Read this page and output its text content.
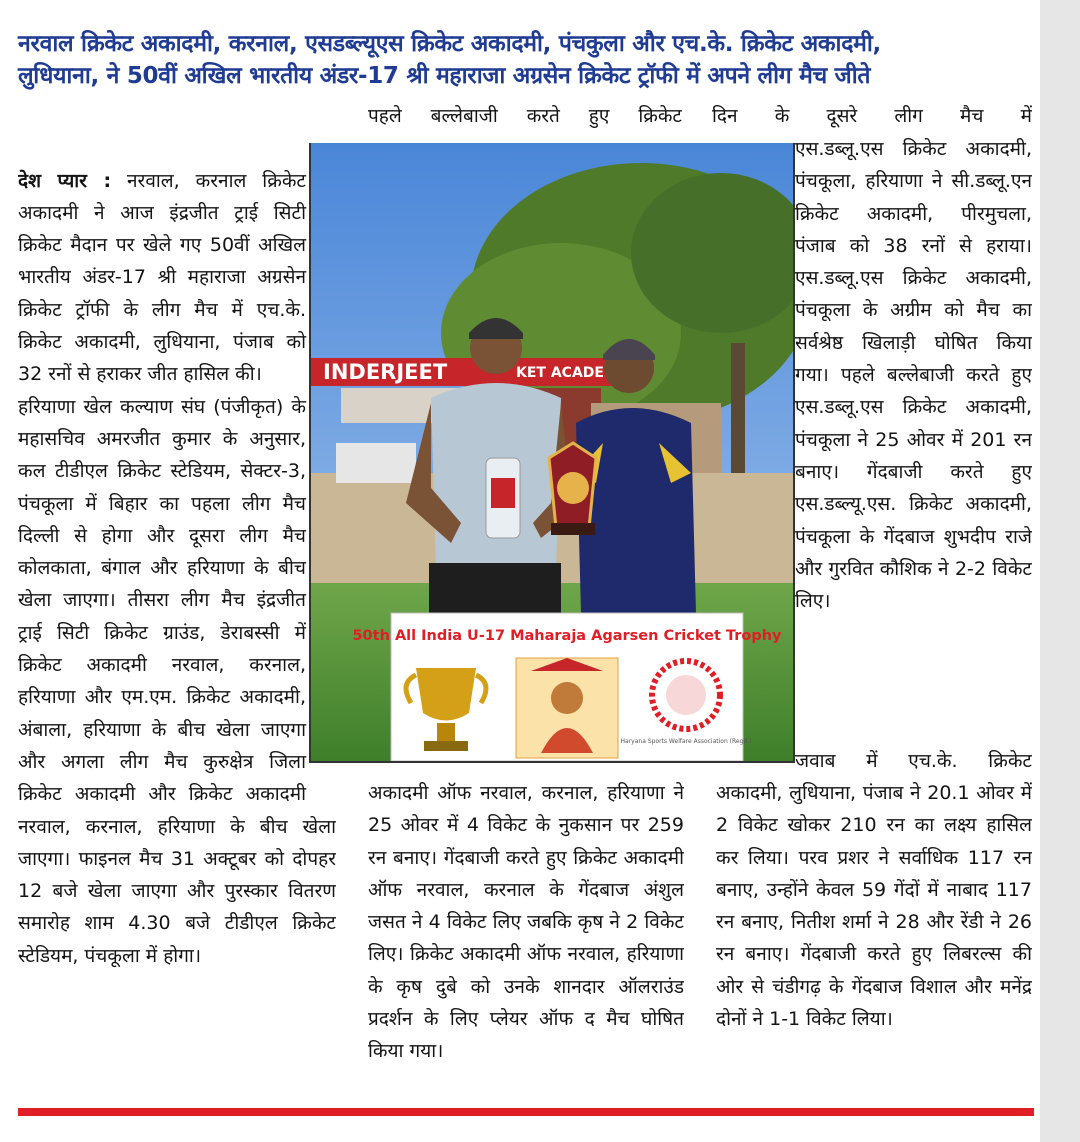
नरवाल क्रिकेट अकादमी, करनाल, एसडब्ल्यूएस क्रिकेट अकादमी, पंचकुला और एच.के. क्रिकेट अकादमी,
लुधियाना, ने 50वीं अखिल भारतीय अंडर-17 श्री महाराजा अग्रसेन क्रिकेट ट्रॉफी में अपने लीग मैच जीते

देश प्यार : नरवाल, करनाल क्रिकेट अकादमी ने आज इंद्रजीत ट्राई सिटी क्रिकेट मैदान पर खेले गए 50वीं अखिल भारतीय अंडर-17 श्री महाराजा अग्रसेन क्रिकेट ट्रॉफी के लीग मैच में एच.के. क्रिकेट अकादमी, लुधियाना, पंजाब को 32 रनों से हराकर जीत हासिल की।

हरियाणा खेल कल्याण संघ (पंजीकृत) के महासचिव अमरजीत कुमार के अनुसार, कल टीडीएल क्रिकेट स्टेडियम, सेक्टर-3, पंचकूला में बिहार का पहला लीग मैच दिल्ली से होगा और दूसरा लीग मैच कोलकाता, बंगाल और हरियाणा के बीच खेला जाएगा। तीसरा लीग मैच इंद्रजीत ट्राई सिटी क्रिकेट ग्राउंड, डेराबस्सी में क्रिकेट अकादमी नरवाल, करनाल, हरियाणा और एम.एम. क्रिकेट अकादमी, अंबाला, हरियाणा के बीच खेला जाएगा और अगला लीग मैच कुरुक्षेत्र जिला क्रिकेट अकादमी और क्रिकेट अकादमी नरवाल, करनाल, हरियाणा के बीच खेला जाएगा। फाइनल मैच 31 अक्टूबर को दोपहर 12 बजे खेला जाएगा और पुरस्कार वितरण समारोह शाम 4.30 बजे टीडीएल क्रिकेट स्टेडियम, पंचकूला में होगा।

पहले बल्लेबाजी करते हुए क्रिकेट दिन के दूसरे लीग मैच में

एस.डब्लू.एस क्रिकेट अकादमी, पंचकूला, हरियाणा ने सी.डब्लू.एन क्रिकेट अकादमी, पीरमुचला, पंजाब को 38 रनों से हराया। एस.डब्लू.एस क्रिकेट अकादमी, पंचकूला के अग्रीम को मैच का सर्वश्रेष्ठ खिलाड़ी घोषित किया गया। पहले बल्लेबाजी करते हुए एस.डब्लू.एस क्रिकेट अकादमी, पंचकूला ने 25 ओवर में 201 रन बनाए। गेंदबाजी करते हुए एस.डब्ल्यू.एस. क्रिकेट अकादमी, पंचकूला के गेंदबाज शुभदीप राजे और गुरवित कौशिक ने 2-2 विकेट लिए।

जवाब में एच.के. क्रिकेट

अकादमी ऑफ नरवाल, करनाल, हरियाणा ने 25 ओवर में 4 विकेट के नुकसान पर 259 रन बनाए। गेंदबाजी करते हुए क्रिकेट अकादमी ऑफ नरवाल, करनाल के गेंदबाज अंशुल जसत ने 4 विकेट लिए जबकि कृष ने 2 विकेट लिए। क्रिकेट अकादमी ऑफ नरवाल, हरियाणा के कृष दुबे को उनके शानदार ऑलराउंड प्रदर्शन के लिए प्लेयर ऑफ द मैच घोषित किया गया।

अकादमी, लुधियाना, पंजाब ने 20.1 ओवर में 2 विकेट खोकर 210 रन का लक्ष्य हासिल कर लिया। परव प्रशर ने सर्वाधिक 117 रन बनाए, उन्होंने केवल 59 गेंदों में नाबाद 117 रन बनाए, नितीश शर्मा ने 28 और रेंडी ने 26 रन बनाए। गेंदबाजी करते हुए लिबरल्स की ओर से चंडीगढ़ के गेंदबाज विशाल और मनेंद्र दोनों ने 1-1 विकेट लिया।

INDERJEET	KET ACADE
50th All India U-17 Maharaja Agarsen Cricket Trophy
Haryana Sports Welfare Association (Regd.)
